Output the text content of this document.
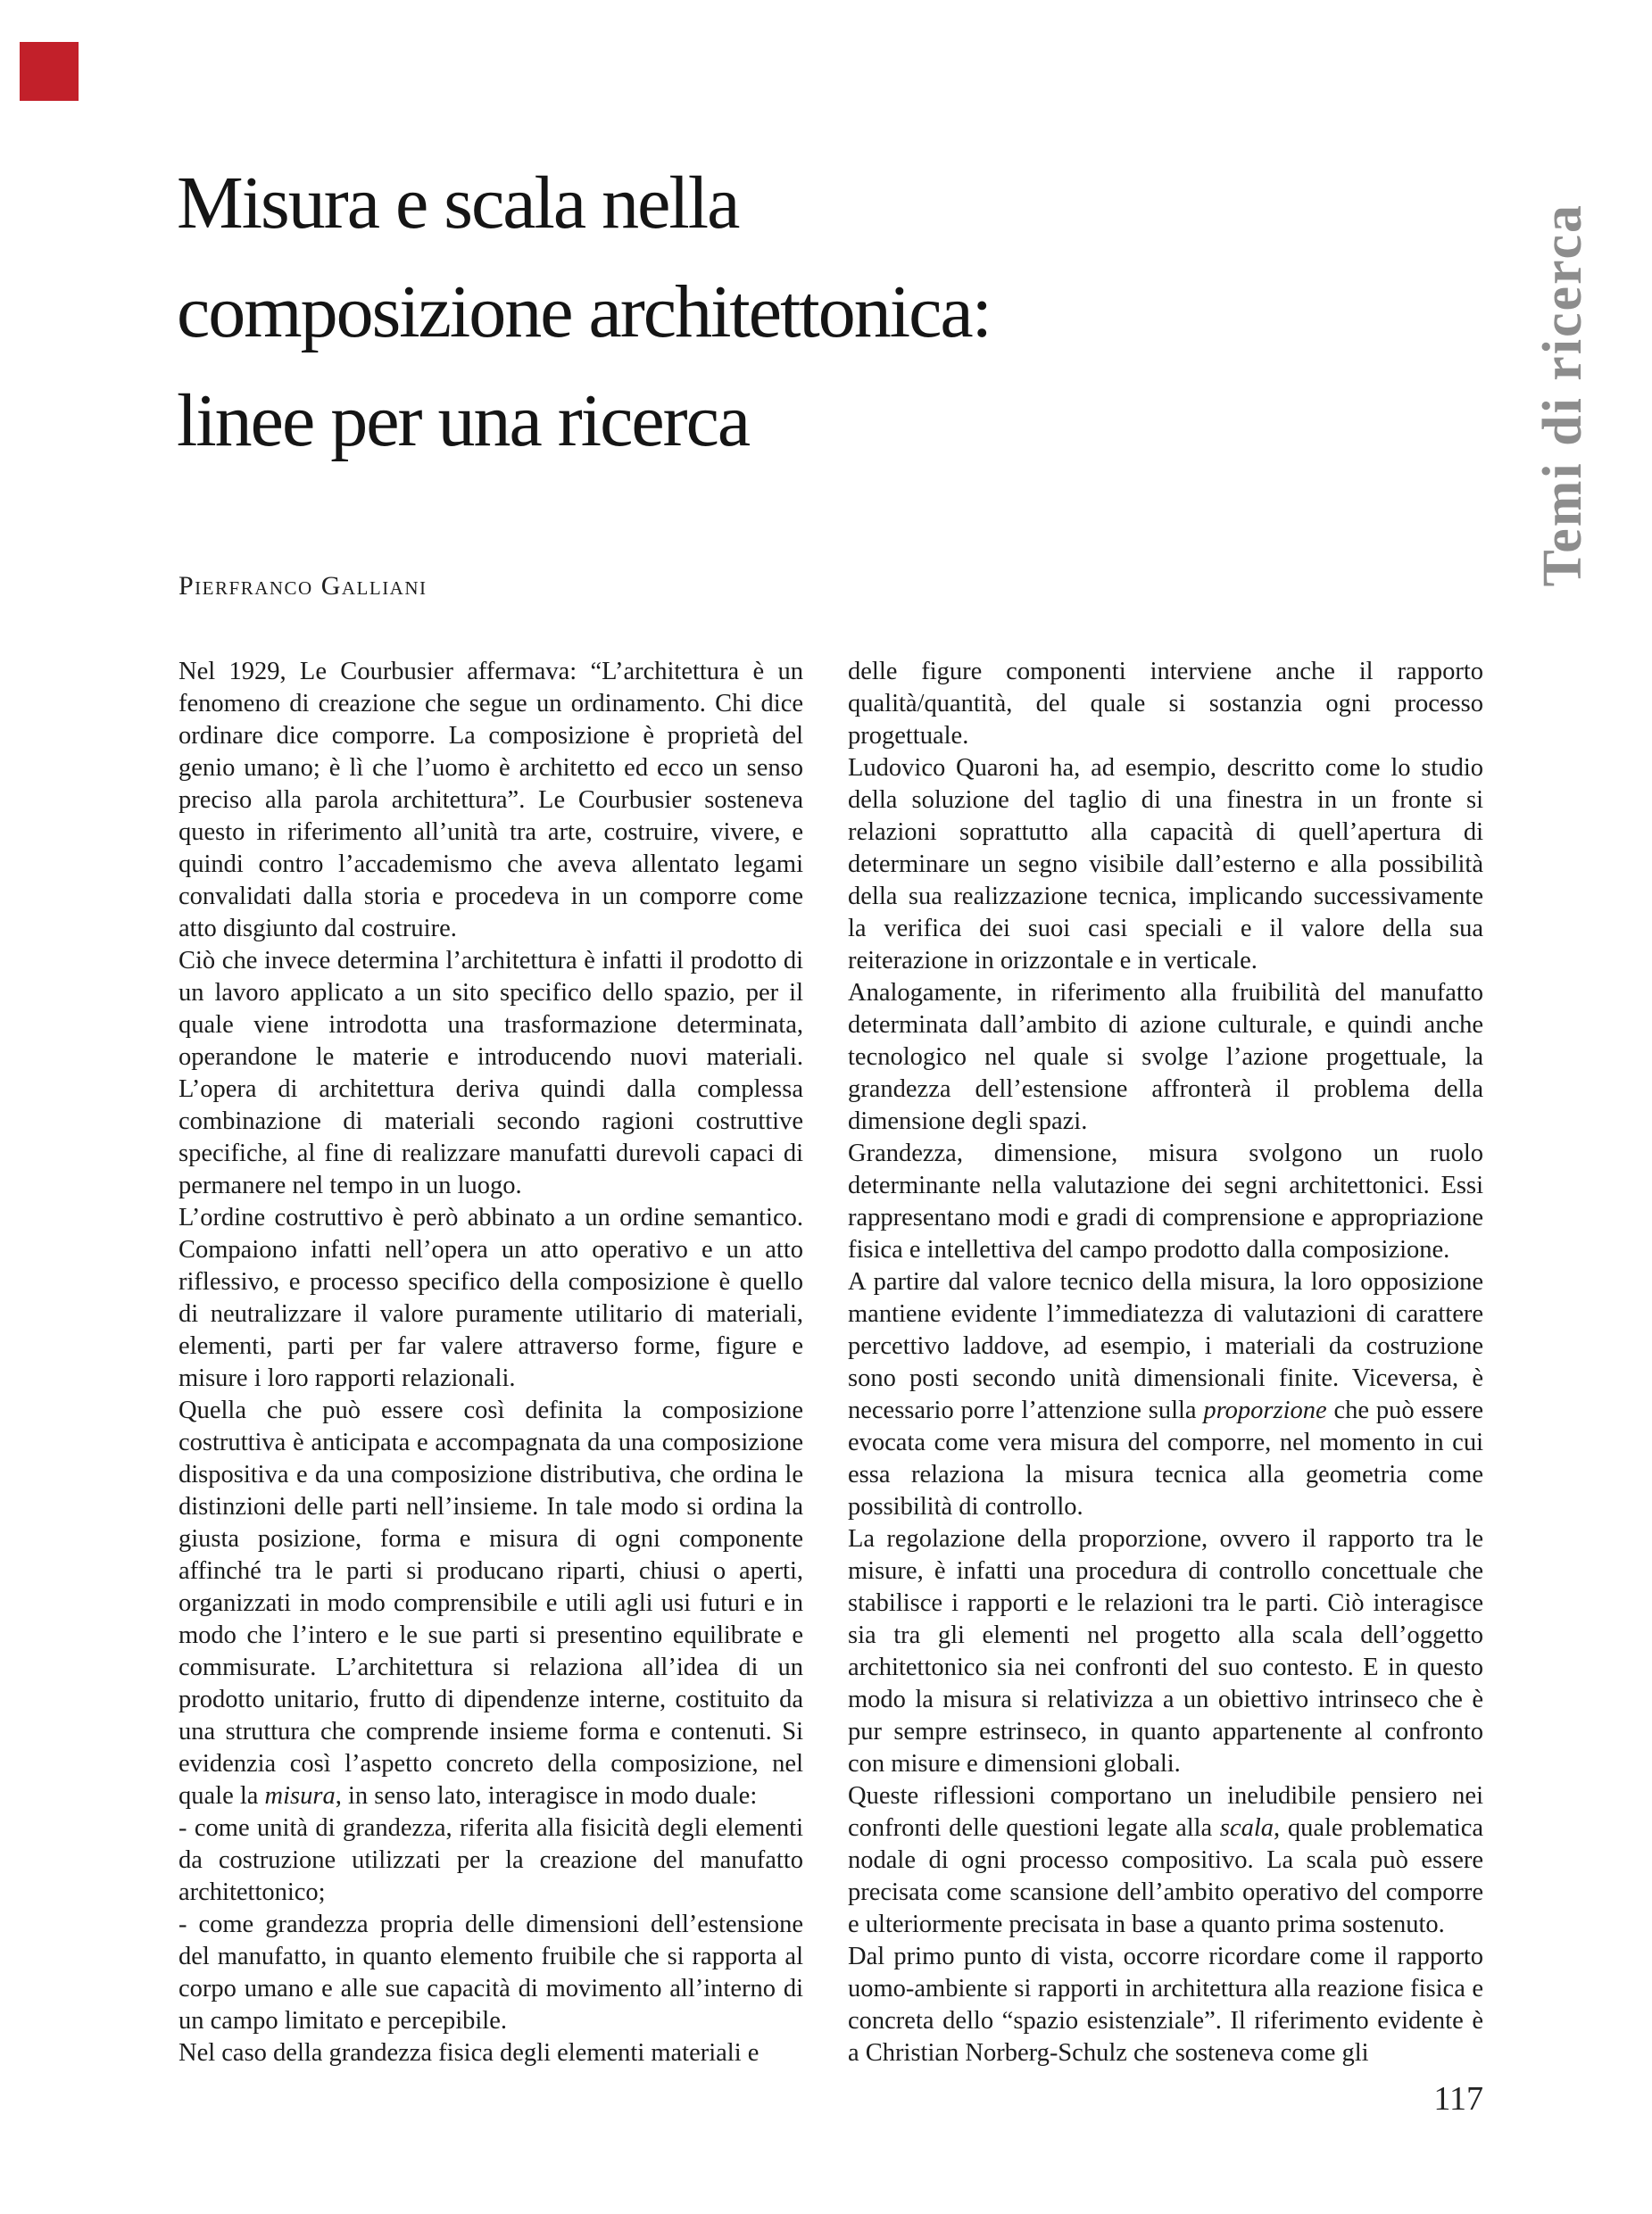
Misura e scala nella
composizione architettonica:
linee per una ricerca
Pierfranco Galliani

Nel 1929, Le Courbusier affermava: “L’architettura è un fenomeno di creazione che segue un ordinamento. Chi dice ordinare dice comporre. La composizione è proprietà del genio umano; è lì che l’uomo è architetto ed ecco un senso preciso alla parola architettura”. Le Courbusier sosteneva questo in riferimento all’unità tra arte, costruire, vivere, e quindi contro l’accademismo che aveva allentato legami convalidati dalla storia e procedeva in un comporre come atto disgiunto dal costruire.

Ciò che invece determina l’architettura è infatti il prodotto di un lavoro applicato a un sito specifico dello spazio, per il quale viene introdotta una trasformazione determinata, operandone le materie e introducendo nuovi materiali. L’opera di architettura deriva quindi dalla complessa combinazione di materiali secondo ragioni costruttive specifiche, al fine di realizzare manufatti durevoli capaci di permanere nel tempo in un luogo.

L’ordine costruttivo è però abbinato a un ordine semantico. Compaiono infatti nell’opera un atto operativo e un atto riflessivo, e processo specifico della composizione è quello di neutralizzare il valore puramente utilitario di materiali, elementi, parti per far valere attraverso forme, figure e misure i loro rapporti relazionali.

Quella che può essere così definita la composizione costruttiva è anticipata e accompagnata da una composizione dispositiva e da una composizione distributiva, che ordina le distinzioni delle parti nell’insieme. In tale modo si ordina la giusta posizione, forma e misura di ogni componente affinché tra le parti si producano riparti, chiusi o aperti, organizzati in modo comprensibile e utili agli usi futuri e in modo che l’intero e le sue parti si presentino equilibrate e commisurate. L’architettura si relaziona all’idea di un prodotto unitario, frutto di dipendenze interne, costituito da una struttura che comprende insieme forma e contenuti. Si evidenzia così l’aspetto concreto della composizione, nel quale la misura, in senso lato, interagisce in modo duale:

- come unità di grandezza, riferita alla fisicità degli elementi da costruzione utilizzati per la creazione del manufatto architettonico;

- come grandezza propria delle dimensioni dell’estensione del manufatto, in quanto elemento fruibile che si rapporta al corpo umano e alle sue capacità di movimento all’interno di un campo limitato e percepibile.

Nel caso della grandezza fisica degli elementi materiali e

delle figure componenti interviene anche il rapporto qualità/quantità, del quale si sostanzia ogni processo progettuale.

Ludovico Quaroni ha, ad esempio, descritto come lo studio della soluzione del taglio di una finestra in un fronte si relazioni soprattutto alla capacità di quell’apertura di determinare un segno visibile dall’esterno e alla possibilità della sua realizzazione tecnica, implicando successivamente la verifica dei suoi casi speciali e il valore della sua reiterazione in orizzontale e in verticale.

Analogamente, in riferimento alla fruibilità del manufatto determinata dall’ambito di azione culturale, e quindi anche tecnologico nel quale si svolge l’azione progettuale, la grandezza dell’estensione affronterà il problema della dimensione degli spazi.

Grandezza, dimensione, misura svolgono un ruolo determinante nella valutazione dei segni architettonici. Essi rappresentano modi e gradi di comprensione e appropriazione fisica e intellettiva del campo prodotto dalla composizione.

A partire dal valore tecnico della misura, la loro opposizione mantiene evidente l’immediatezza di valutazioni di carattere percettivo laddove, ad esempio, i materiali da costruzione sono posti secondo unità dimensionali finite. Viceversa, è necessario porre l’attenzione sulla proporzione che può essere evocata come vera misura del comporre, nel momento in cui essa relaziona la misura tecnica alla geometria come possibilità di controllo.

La regolazione della proporzione, ovvero il rapporto tra le misure, è infatti una procedura di controllo concettuale che stabilisce i rapporti e le relazioni tra le parti. Ciò interagisce sia tra gli elementi nel progetto alla scala dell’oggetto architettonico sia nei confronti del suo contesto. E in questo modo la misura si relativizza a un obiettivo intrinseco che è pur sempre estrinseco, in quanto appartenente al confronto con misure e dimensioni globali.

Queste riflessioni comportano un ineludibile pensiero nei confronti delle questioni legate alla scala, quale problematica nodale di ogni processo compositivo. La scala può essere precisata come scansione dell’ambito operativo del comporre e ulteriormente precisata in base a quanto prima sostenuto.

Dal primo punto di vista, occorre ricordare come il rapporto uomo-ambiente si rapporti in architettura alla reazione fisica e concreta dello “spazio esistenziale”. Il riferimento evidente è a Christian Norberg-Schulz che sosteneva come gli

Temi di ricerca
117
